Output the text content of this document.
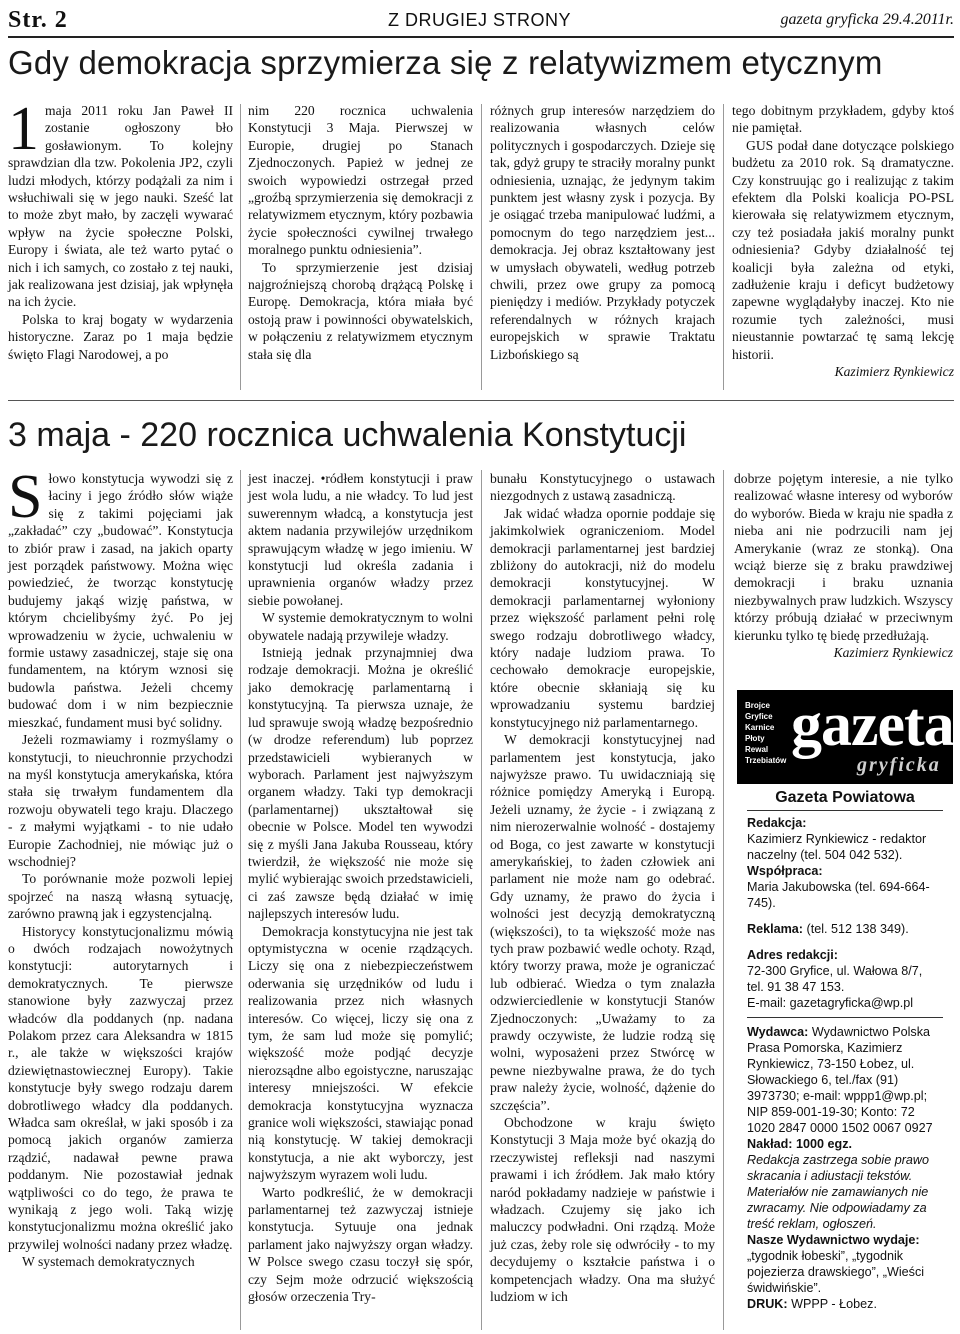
Str. 2	Z DRUGIEJ STRONY	gazeta gryficka 29.4.2011r.
Gdy demokracja sprzymierza się z relatywizmem etycznym

1 maja 2011 roku Jan Paweł II zostanie ogłoszony bło gosławionym. To kolejny sprawdzian dla tzw. Pokolenia JP2, czyli ludzi młodych, którzy podążali za nim i wsłuchiwali się w jego nauki. Sześć lat to może zbyt mało, by zaczęli wywarać wpływ na życie społeczne Polski, Europy i świata, ale też warto pytać o nich i ich samych, co zostało z tej nauki, jak realizowana jest dzisiaj, jak wpłynęła na ich życie.

Polska to kraj bogaty w wydarzenia historyczne. Zaraz po 1 maja będzie święto Flagi Narodowej, a po

nim 220 rocznica uchwalenia Konstytucji 3 Maja. Pierwszej w Europie, drugiej po Stanach Zjednoczonych. Papież w jednej ze swoich wypowiedzi ostrzegał przed „groźbą sprzymierzenia się demokracji z relatywizmem etycznym, który pozbawia życie społeczności cywilnej trwałego moralnego punktu odniesienia”.

To sprzymierzenie jest dzisiaj najgroźniejszą chorobą drążącą Polskę i Europę. Demokracja, która miała być ostoją praw i powinności obywatelskich, w połączeniu z relatywizmem etycznym stała się dla

różnych grup interesów narzędziem do realizowania własnych celów politycznych i gospodarczych. Dzieje się tak, gdyż grupy te straciły moralny punkt odniesienia, uznając, że jedynym takim punktem jest własny zysk i pozycja. By je osiągać trzeba manipulować ludźmi, a pomocnym do tego narzędziem jest... demokracja. Jej obraz kształtowany jest w umysłach obywateli, według potrzeb chwili, przez owe grupy za pomocą pieniędzy i mediów. Przykłady potyczek referendalnych w różnych krajach europejskich w sprawie Traktatu Lizbońskiego są

tego dobitnym przykładem, gdyby ktoś nie pamiętał.

GUS podał dane dotyczące polskiego budżetu za 2010 rok. Są dramatyczne. Czy konstruując go i realizując z takim efektem dla Polski koalicja PO-PSL kierowała się relatywizmem etycznym, czy też posiadała jakiś moralny punkt odniesienia? Gdyby działalność tej koalicji była zależna od etyki, zadłużenie kraju i deficyt budżetowy zapewne wyglądałyby inaczej. Kto nie rozumie tych zależności, musi nieustannie powtarzać tę samą lekcję historii.

Kazimierz Rynkiewicz

3 maja - 220 rocznica uchwalenia Konstytucji

Słowo konstytucja wywodzi się z łaciny i jego źródło słów wiąże się z takimi pojęciami jak „zakładać” czy „budować”. Konstytucja to zbiór praw i zasad, na jakich oparty jest porządek państwowy. Można więc powiedzieć, że tworząc konstytucję budujemy jakąś wizję państwa, w którym chcielibyśmy żyć. Po jej wprowadzeniu w życie, uchwaleniu w formie ustawy zasadniczej, staje się ona fundamentem, na którym wznosi się budowla państwa. Jeżeli chcemy budować dom i w nim bezpiecznie mieszkać, fundament musi być solidny.

Jeżeli rozmawiamy i rozmyślamy o konstytucji, to nieuchronnie przychodzi na myśl konstytucja amerykańska, która stała się trwałym fundamentem dla rozwoju obywateli tego kraju. Dlaczego - z małymi wyjątkami - to nie udało Europie Zachodniej, nie mówiąc już o wschodniej?

To porównanie może pozwoli lepiej spojrzeć na naszą własną sytuację, zarówno prawną jak i egzystencjalną.

Historycy konstytucjonalizmu mówią o dwóch rodzajach nowożytnych konstytucji: autorytarnych i demokratycznych. Te pierwsze stanowione były zazwyczaj przez władców dla poddanych (np. nadana Polakom przez cara Aleksandra w 1815 r., ale także w większości krajów dziewiętnastowiecznej Europy). Takie konstytucje były swego rodzaju darem dobrotliwego władcy dla poddanych. Władca sam określał, w jaki sposób i za pomocą jakich organów zamierza rządzić, nadawał pewne prawa poddanym. Nie pozostawiał jednak wątpliwości co do tego, że prawa te wynikają z jego woli. Taką wizję konstytucjonalizmu można określić jako przywilej wolności nadany przez władzę.

W systemach demokratycznych

jest inaczej. •ródłem konstytucji i praw jest wola ludu, a nie władcy. To lud jest suwerennym władcą, a konstytucja jest aktem nadania przywilejów urzędnikom sprawującym władzę w jego imieniu. W konstytucji lud określa zadania i uprawnienia organów władzy przez siebie powołanej.

W systemie demokratycznym to wolni obywatele nadają przywileje władzy.

Istnieją jednak przynajmniej dwa rodzaje demokracji. Można je określić jako demokrację parlamentarną i konstytucyjną. Ta pierwsza uznaje, że lud sprawuje swoją władzę bezpośrednio (w drodze referendum) lub poprzez przedstawicieli wybieranych w wyborach. Parlament jest najwyższym organem władzy. Taki typ demokracji (parlamentarnej) ukształtował się obecnie w Polsce. Model ten wywodzi się z myśli Jana Jakuba Rousseau, który twierdził, że większość nie może się mylić wybierając swoich przedstawicieli, ci zaś zawsze będą działać w imię najlepszych interesów ludu.

Demokracja konstytucyjna nie jest tak optymistyczna w ocenie rządzących. Liczy się ona z niebezpieczeństwem oderwania się urzędników od ludu i realizowania przez nich własnych interesów. Co więcej, liczy się ona z tym, że sam lud może się pomylić; większość może podjąć decyzje nierozsądne albo egoistyczne, naruszając interesy mniejszości. W efekcie demokracja konstytucyjna wyznacza granice woli większości, stawiając ponad nią konstytucję. W takiej demokracji konstytucja, a nie akt wyborczy, jest najwyższym wyrazem woli ludu.

Warto podkreślić, że w demokracji parlamentarnej też zazwyczaj istnieje konstytucja. Sytuuje ona jednak parlament jako najwyższy organ władzy. W Polsce swego czasu toczył się spór, czy Sejm może odrzucić większością głosów orzeczenia Try-

bunału Konstytucyjnego o ustawach niezgodnych z ustawą zasadniczą.

Jak widać władza opornie poddaje się jakimkolwiek ograniczeniom. Model demokracji parlamentarnej jest bardziej zbliżony do autokracji, niż do modelu demokracji konstytucyjnej. W demokracji parlamentarnej wyłoniony przez większość parlament pełni rolę swego rodzaju dobrotliwego władcy, który nadaje ludziom prawa. To cechowało demokracje europejskie, które obecnie skłaniają się ku wprowadzaniu systemu bardziej konstytucyjnego niż parlamentarnego.

W demokracji konstytucyjnej nad parlamentem jest konstytucja, jako najwyższe prawo. Tu uwidaczniają się różnice pomiędzy Ameryką i Europą. Jeżeli uznamy, że życie - i związaną z nim nierozerwalnie wolność - dostajemy od Boga, co jest zawarte w konstytucji amerykańskiej, to żaden człowiek ani parlament nie może nam go odebrać. Gdy uznamy, że prawo do życia i wolności jest decyzją demokratyczną (większości), to ta większość może nas tych praw pozbawić wedle ochoty. Rząd, który tworzy prawa, może je ograniczać lub odbierać. Wiedza o tym znalazła odzwierciedlenie w konstytucji Stanów Zjednoczonych: „Uważamy to za prawdy oczywiste, że ludzie rodzą się wolni, wyposażeni przez Stwórcę w pewne niezbywalne prawa, że do tych praw należy życie, wolność, dążenie do szczęścia”.

Obchodzone w kraju święto Konstytucji 3 Maja może być okazją do rzeczywistej refleksji nad naszymi prawami i ich źródłem. Jak mało który naród pokładamy nadzieje w państwie i władzach. Czujemy się jako ich maluczcy podwładni. Oni rządzą. Może już czas, żeby role się odwróciły - to my decydujemy o kształcie państwa i o kompetencjach władzy. Ona ma służyć ludziom w ich

dobrze pojętym interesie, a nie tylko realizować własne interesy od wyborów do wyborów. Bieda w kraju nie spadła z nieba ani nie podrzucili nam jej Amerykanie (wraz ze stonką). Ona wciąż bierze się z braku prawdziwej demokracji i braku uznania niezbywalnych praw ludzkich. Wszyscy którzy próbują działać w przeciwnym kierunku tylko tę biedę przedłużają.

Kazimierz Rynkiewicz

Brojce
Gryfice
Karnice
Płoty
Rewal
Trzebiatów
gazeta
gryficka
Gazeta Powiatowa
Redakcja:
Kazimierz Rynkiewicz - redaktor naczelny (tel. 504 042 532).
Współpraca:
Maria Jakubowska (tel. 694-664-745).
Reklama: (tel. 512 138 349).
Adres redakcji:
72-300 Gryfice, ul. Wałowa 8/7,
tel. 91 38 47 153.
E-mail: gazetagryficka@wp.pl
Wydawca: Wydawnictwo Polska Prasa Pomorska, Kazimierz Rynkiewicz, 73-150 Łobez, ul. Słowackiego 6, tel./fax (91) 3973730; e-mail: wppp1@wp.pl; NIP 859-001-19-30; Konto: 72 1020 2847 0000 1502 0067 0927
Nakład: 1000 egz.
Redakcja zastrzega sobie prawo skracania i adiustacji tekstów. Materiałów nie zamawianych nie zwracamy. Nie odpowiadamy za treść reklam, ogłoszeń.
Nasze Wydawnictwo wydaje: „tygodnik łobeski”, „tygodnik pojezierza drawskiego”, „Wieści świdwińskie”.
DRUK: WPPP - Łobez.
